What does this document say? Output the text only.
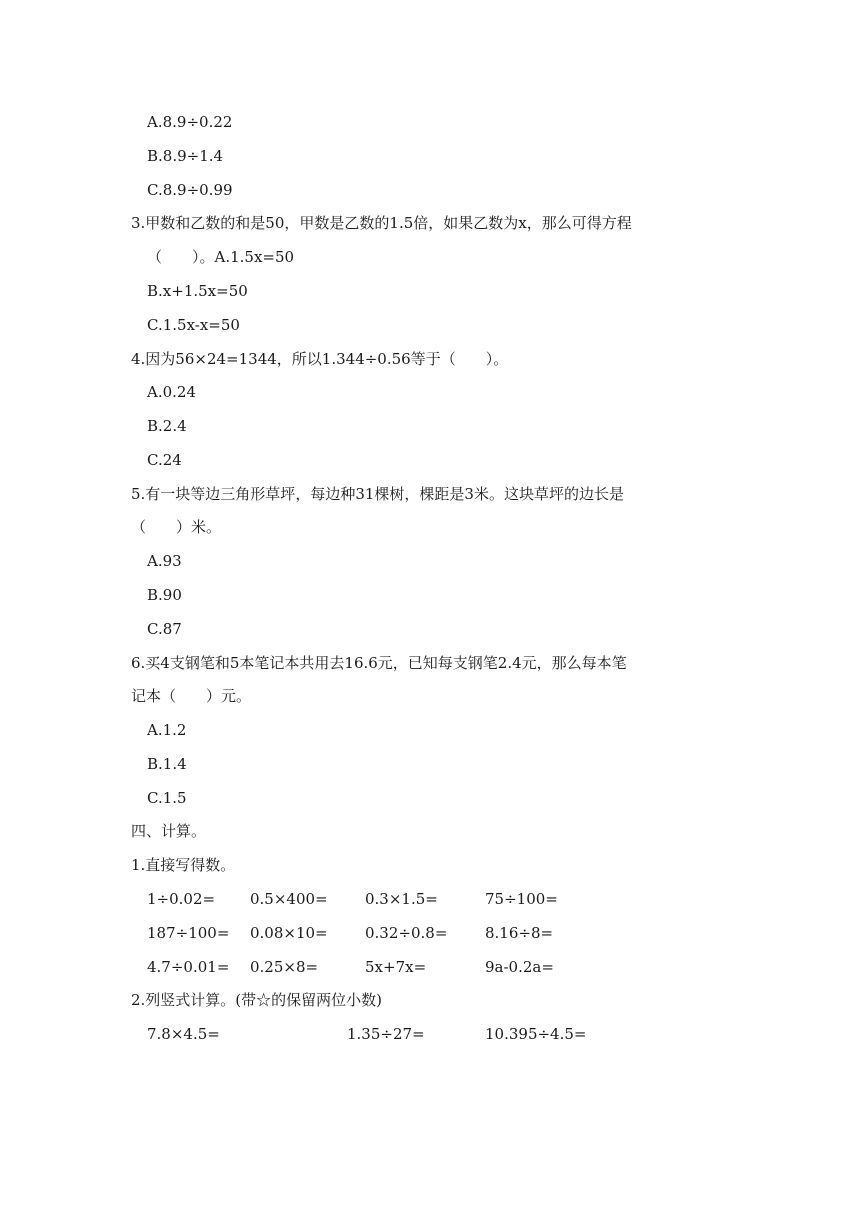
A.8.9÷0.22
B.8.9÷1.4
C.8.9÷0.99
3.甲数和乙数的和是50，甲数是乙数的1.5倍，如果乙数为x，那么可得方程
（　　）。A.1.5x=50
B.x+1.5x=50
C.1.5x-x=50
4.因为56×24=1344，所以1.344÷0.56等于（　　）。
A.0.24
B.2.4
C.24
5.有一块等边三角形草坪，每边种31棵树，棵距是3米。这块草坪的边长是
（　　）米。
A.93
B.90
C.87
6.买4支钢笔和5本笔记本共用去16.6元，已知每支钢笔2.4元，那么每本笔
记本（　　）元。
A.1.2
B.1.4
C.1.5
四、计算。
1.直接写得数。
1÷0.02= 0.5×400= 0.3×1.5=	75÷100=
187÷100= 0.08×10= 0.32÷0.8=	8.16÷8=
4.7÷0.01= 0.25×8=	5x+7x=	9a-0.2a=
2.列竖式计算。(带☆的保留两位小数)
7.8×4.5=	1.35÷27=	10.395÷4.5=
